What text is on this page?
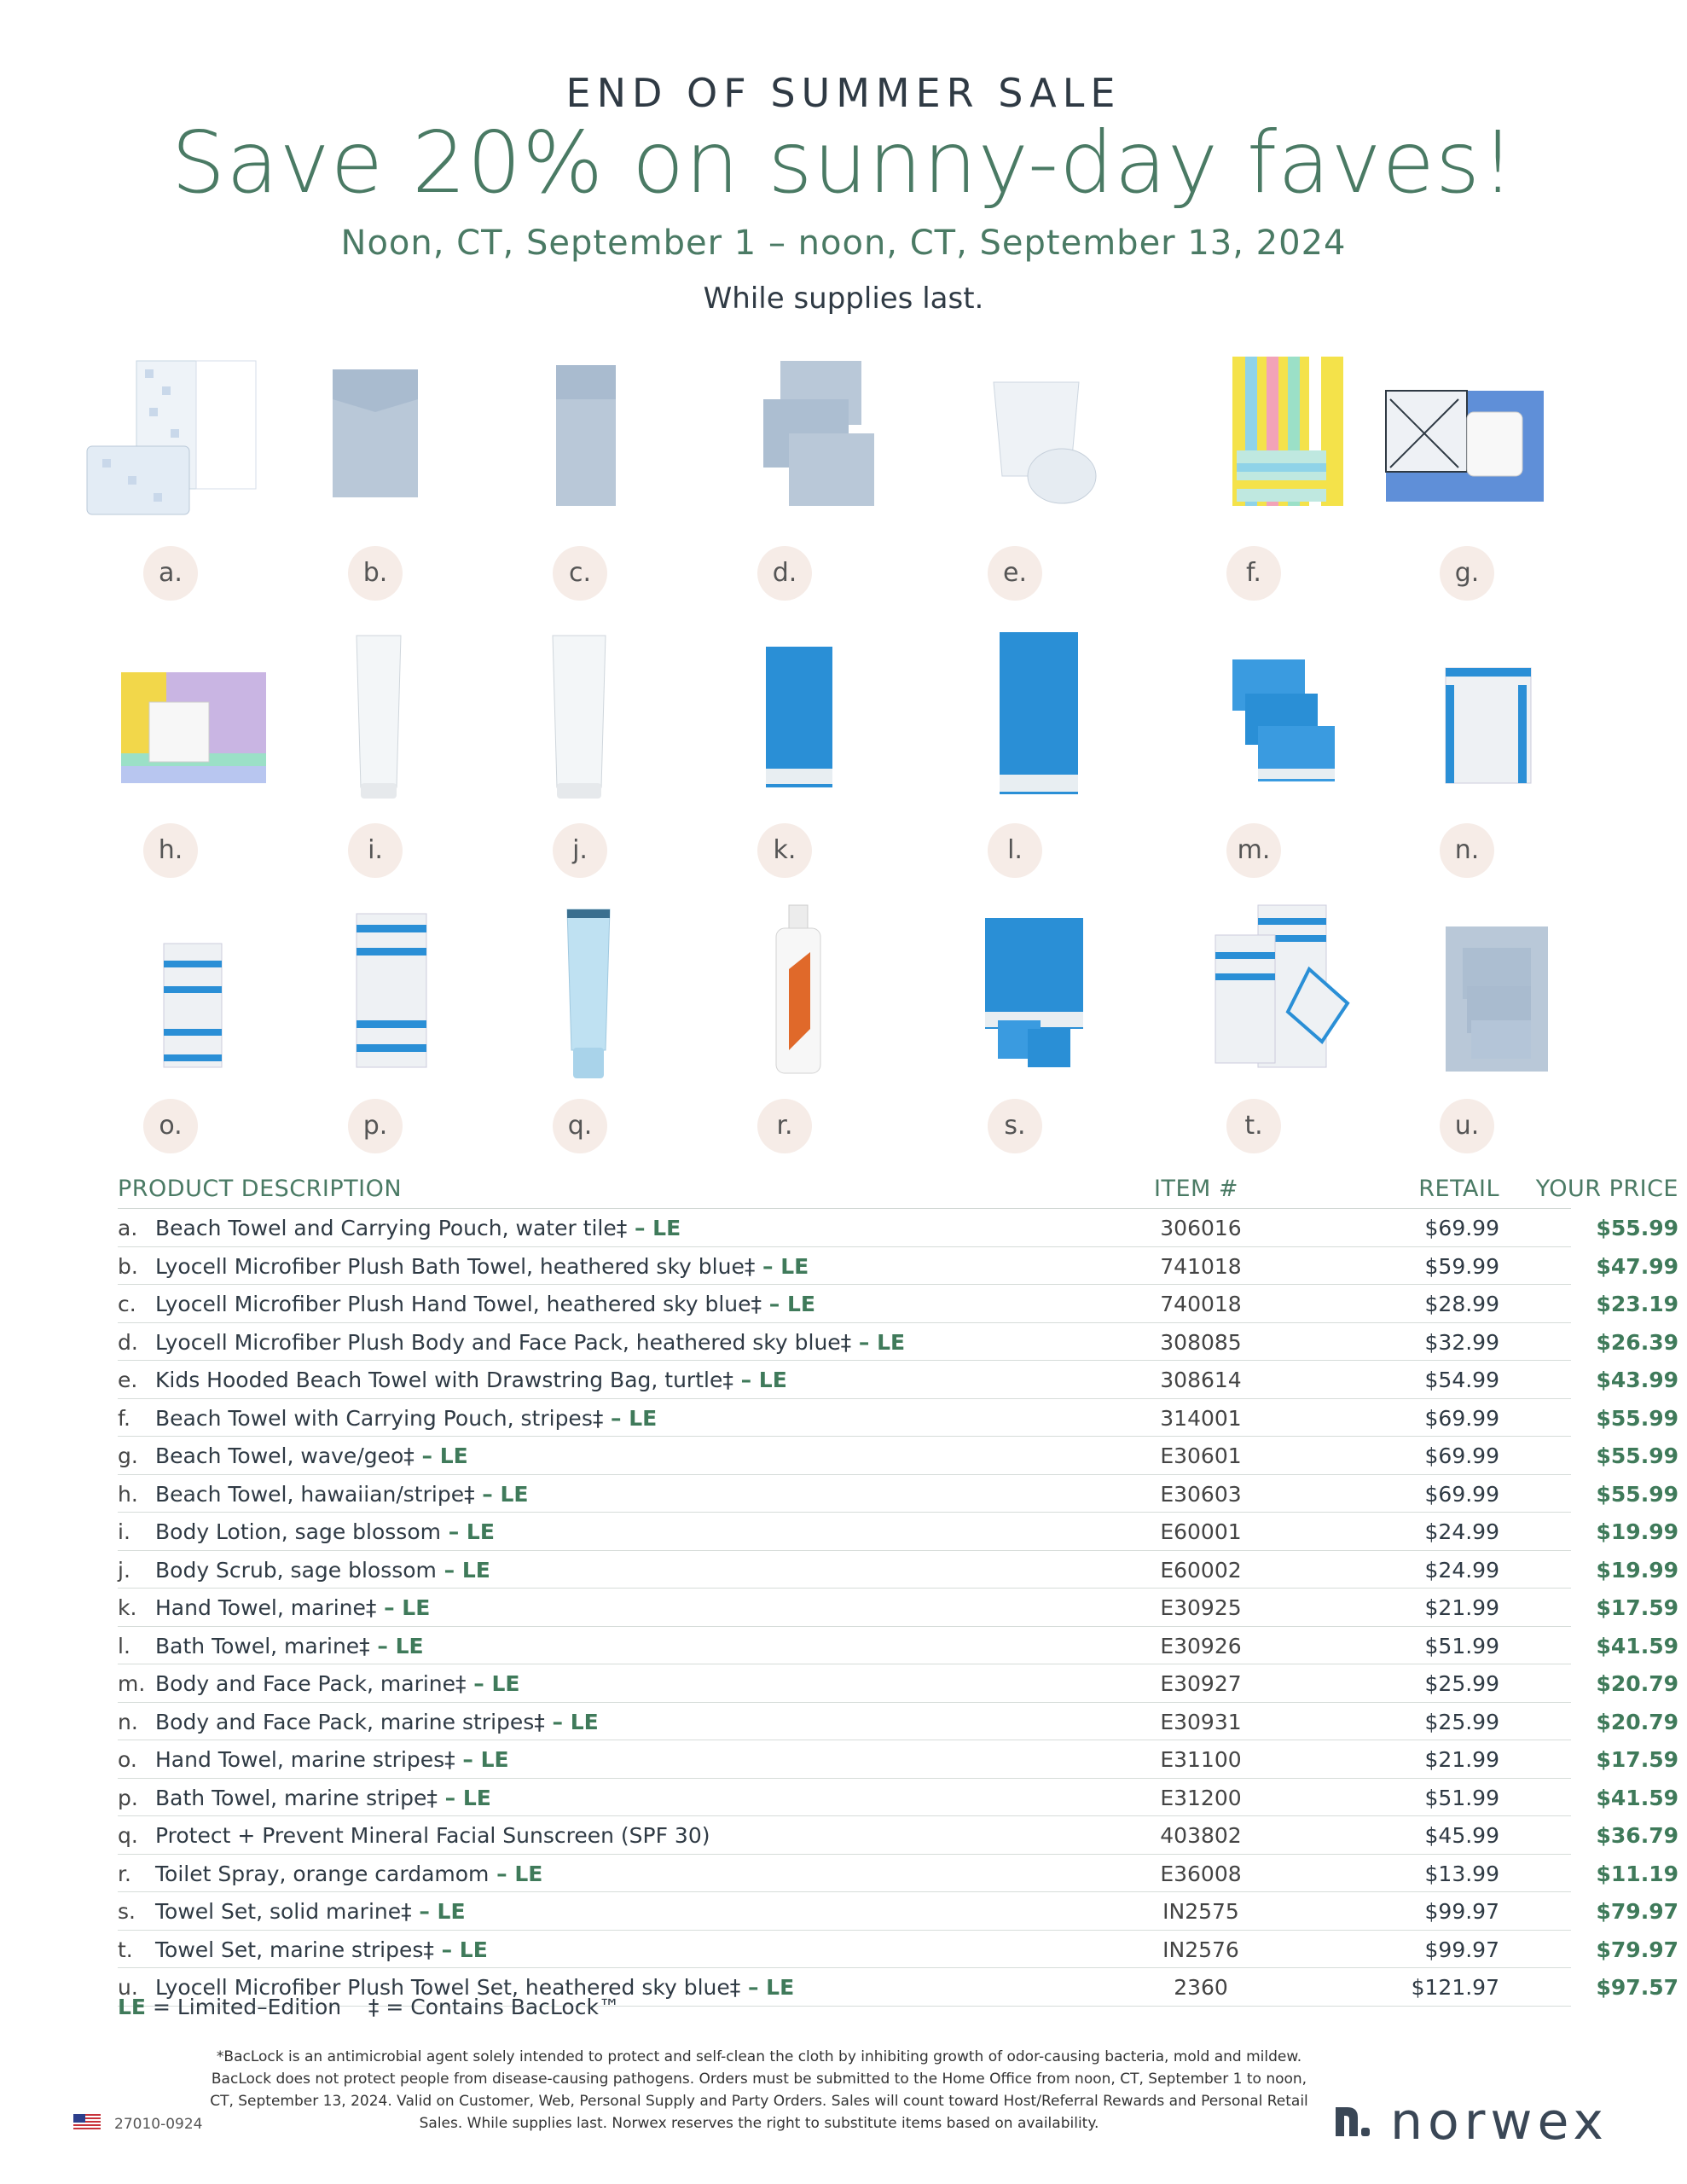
END OF SUMMER SALE
Save 20% on sunny-day faves!
Noon, CT, September 1 – noon, CT, September 13, 2024
While supplies last.
a.	b.	c.	d.	e.	f.	g.
h.	i.	j.	k.	l.	m.	n.
o.	p.	q.	r.	s.	t.	u.
PRODUCT DESCRIPTION	ITEM #	RETAIL	YOUR PRICE
a. Beach Towel and Carrying Pouch, water tile‡ – LE	306016	$69.99	$55.99
b. Lyocell Microfiber Plush Bath Towel, heathered sky blue‡ – LE	741018	$59.99	$47.99
c. Lyocell Microfiber Plush Hand Towel, heathered sky blue‡ – LE	740018	$28.99	$23.19
d. Lyocell Microfiber Plush Body and Face Pack, heathered sky blue‡ – LE	308085	$32.99	$26.39
e. Kids Hooded Beach Towel with Drawstring Bag, turtle‡ – LE	308614	$54.99	$43.99
f. Beach Towel with Carrying Pouch, stripes‡ – LE	314001	$69.99	$55.99
g. Beach Towel, wave/geo‡ – LE	E30601	$69.99	$55.99
h. Beach Towel, hawaiian/stripe‡ – LE	E30603	$69.99	$55.99
i. Body Lotion, sage blossom – LE	E60001	$24.99	$19.99
j. Body Scrub, sage blossom – LE	E60002	$24.99	$19.99
k. Hand Towel, marine‡ – LE	E30925	$21.99	$17.59
l. Bath Towel, marine‡ – LE	E30926	$51.99	$41.59
m. Body and Face Pack, marine‡ – LE	E30927	$25.99	$20.79
n. Body and Face Pack, marine stripes‡ – LE	E30931	$25.99	$20.79
o. Hand Towel, marine stripes‡ – LE	E31100	$21.99	$17.59
p. Bath Towel, marine stripe‡ – LE	E31200	$51.99	$41.59
q. Protect + Prevent Mineral Facial Sunscreen (SPF 30)	403802	$45.99	$36.79
r. Toilet Spray, orange cardamom – LE	E36008	$13.99	$11.19
s. Towel Set, solid marine‡ – LE	IN2575	$99.97	$79.97
t. Towel Set, marine stripes‡ – LE	IN2576	$99.97	$79.97
u. Lyocell Microfiber Plush Towel Set, heathered sky blue‡ – LE	2360	$121.97	$97.57
LE = Limited–Edition ‡ = Contains BacLock™
*BacLock is an antimicrobial agent solely intended to protect and self-clean the cloth by inhibiting growth of odor-causing bacteria, mold and mildew. BacLock does not protect people from disease-causing pathogens. Orders must be submitted to the Home Office from noon, CT, September 1 to noon, CT, September 13, 2024. Valid on Customer, Web, Personal Supply and Party Orders. Sales will count toward Host/Referral Rewards and Personal Retail Sales. While supplies last. Norwex reserves the right to substitute items based on availability.
27010-0924	norwex
